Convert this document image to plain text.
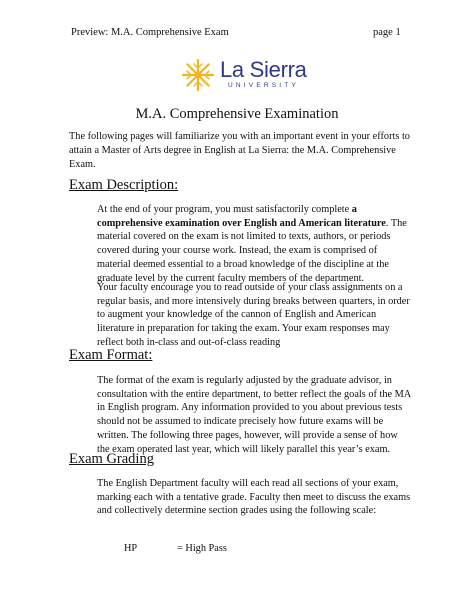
Preview: M.A. Comprehensive Exam	page 1
La Sierra
UNIVERSITY
M.A. Comprehensive Examination
The following pages will familiarize you with an important event in your efforts to attain a Master of Arts degree in English at La Sierra: the M.A. Comprehensive Exam.
Exam Description:
At the end of your program, you must satisfactorily complete a comprehensive examination over English and American literature. The material covered on the exam is not limited to texts, authors, or periods covered during your course work. Instead, the exam is comprised of material deemed essential to a broad knowledge of the discipline at the graduate level by the current faculty members of the department.
Your faculty encourage you to read outside of your class assignments on a regular basis, and more intensively during breaks between quarters, in order to augment your knowledge of the cannon of English and American literature in preparation for taking the exam. Your exam responses may reflect both in-class and out-of-class reading
Exam Format:
The format of the exam is regularly adjusted by the graduate advisor, in consultation with the entire department, to better reflect the goals of the MA in English program. Any information provided to you about previous tests should not be assumed to indicate precisely how future exams will be written. The following three pages, however, will provide a sense of how the exam operated last year, which will likely parallel this year’s exam.
Exam Grading
The English Department faculty will each read all sections of your exam, marking each with a tentative grade. Faculty then meet to discuss the exams and collectively determine section grades using the following scale:
HP	= High Pass
